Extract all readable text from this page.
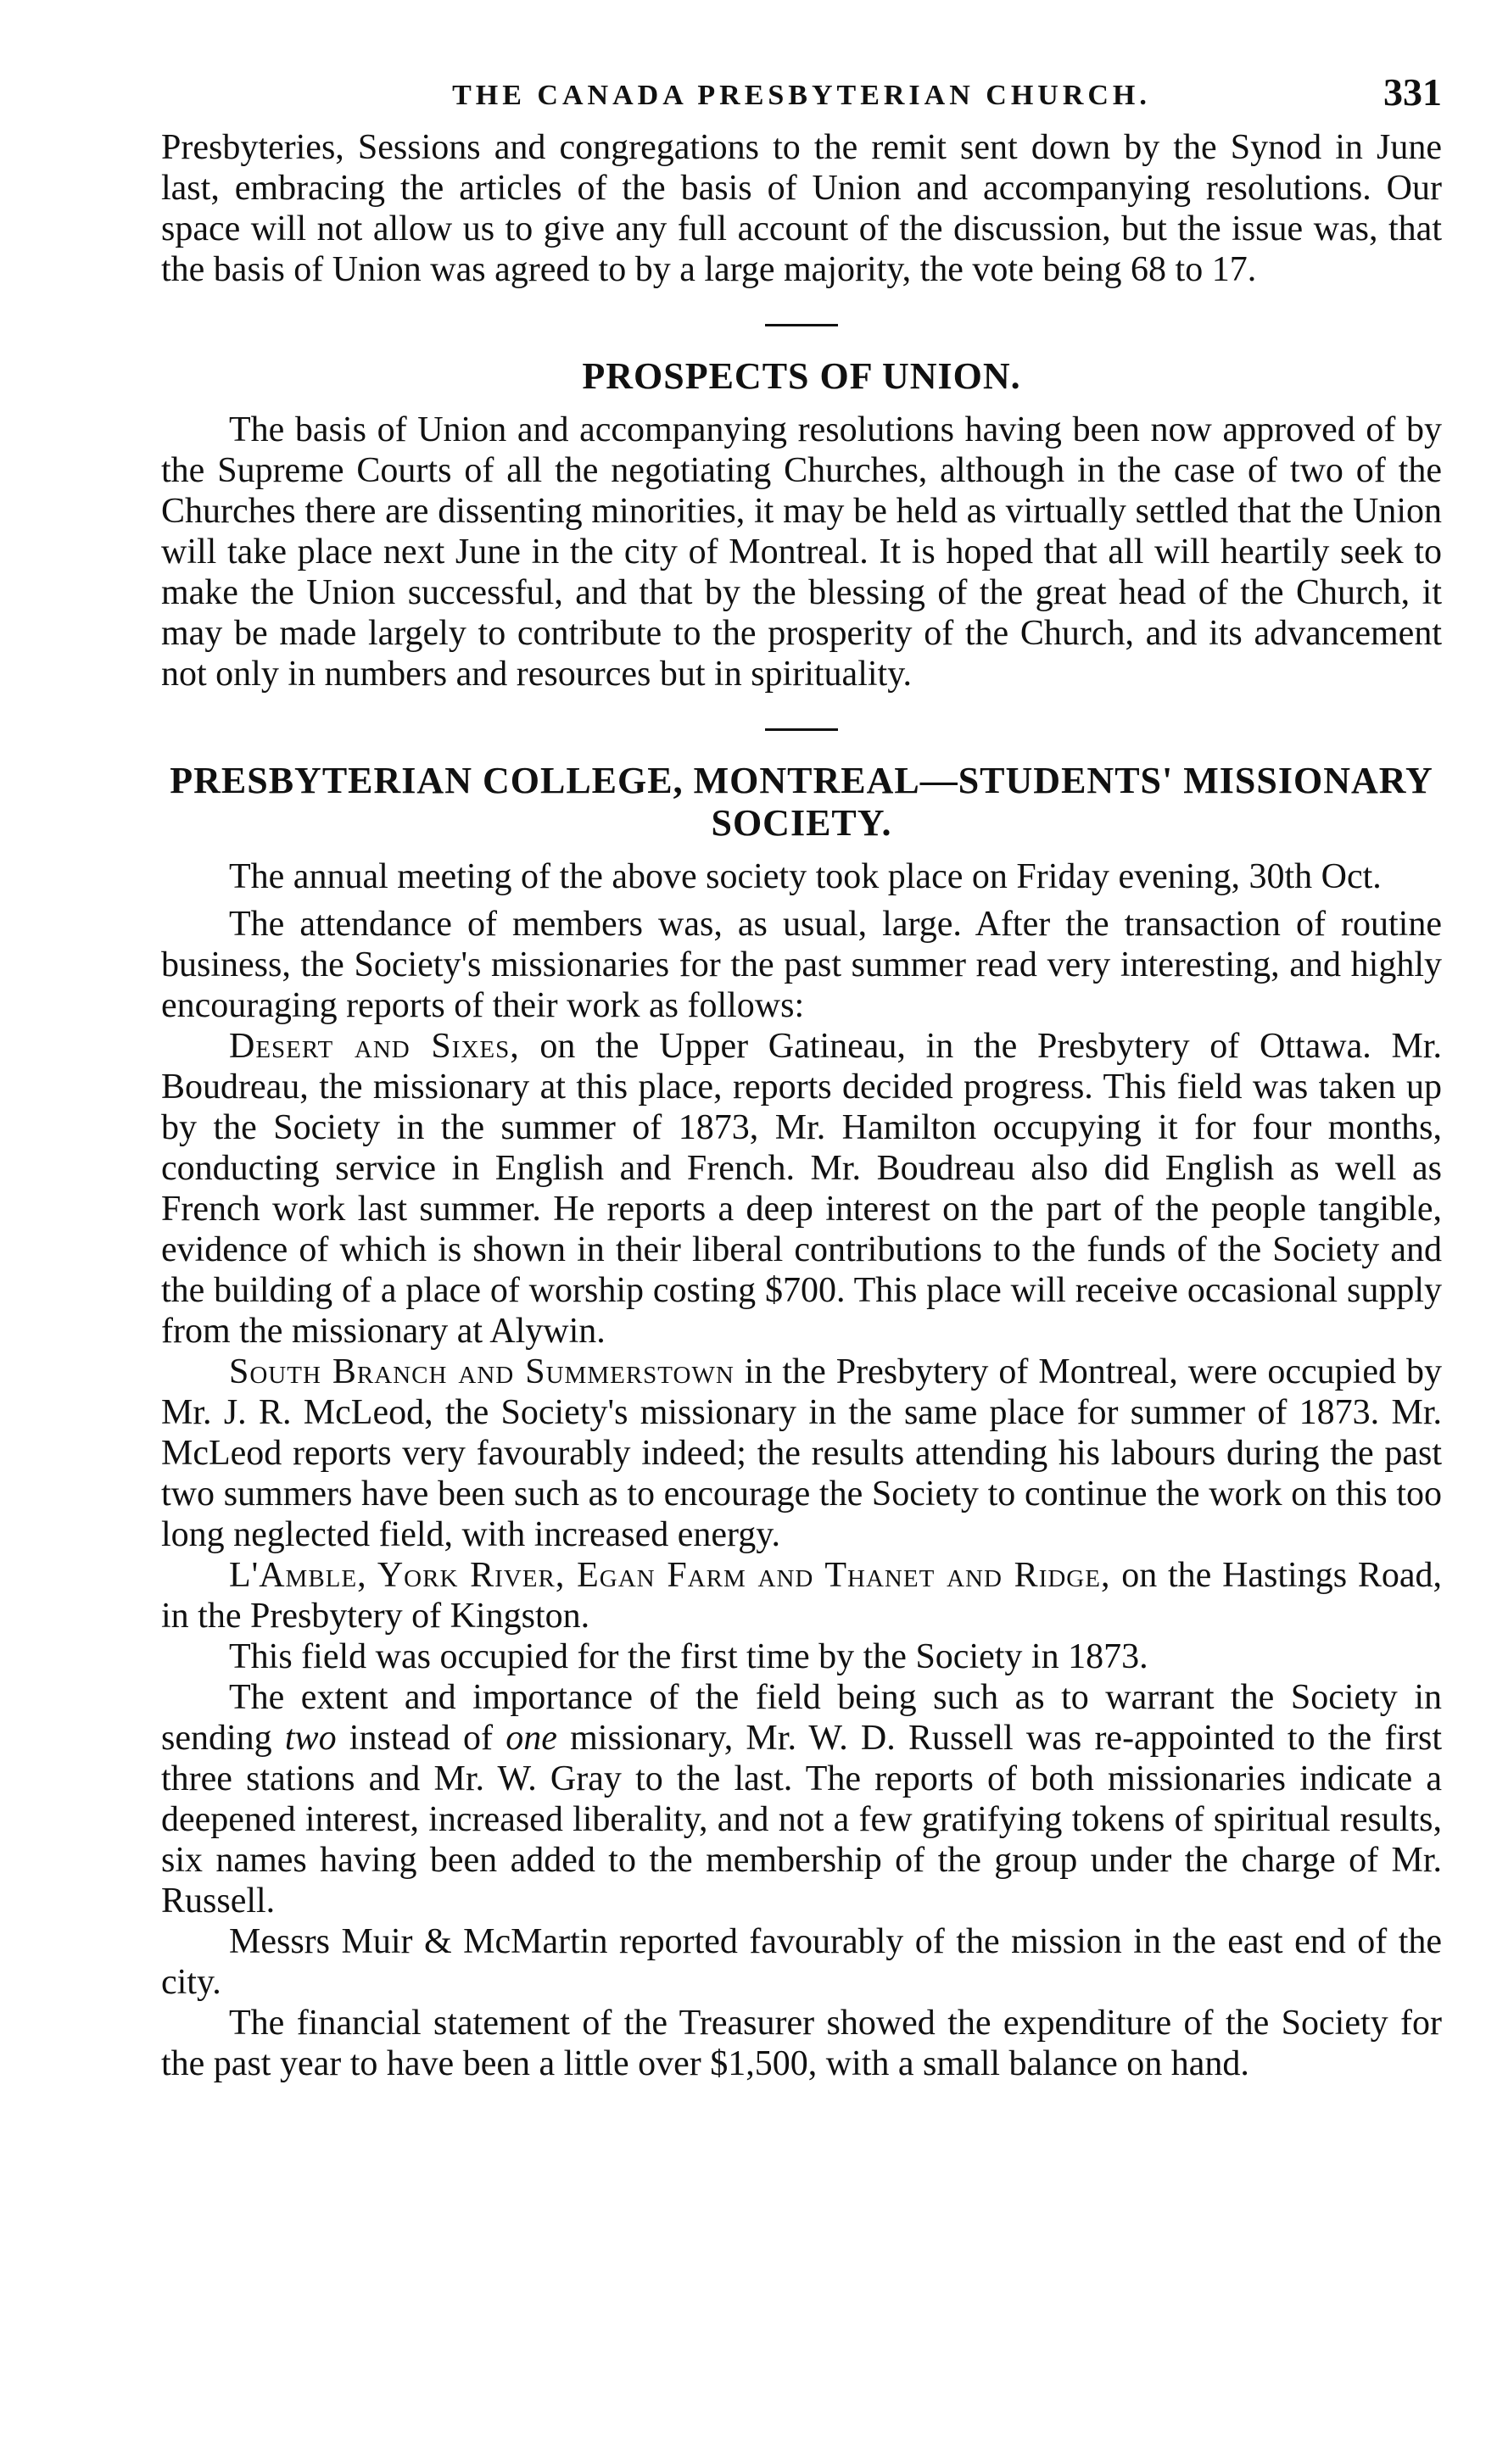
THE CANADA PRESBYTERIAN CHURCH.	331

Presbyteries, Sessions and congregations to the remit sent down by the Synod in June last, embracing the articles of the basis of Union and accompanying resolutions. Our space will not allow us to give any full account of the discussion, but the issue was, that the basis of Union was agreed to by a large majority, the vote being 68 to 17.

PROSPECTS OF UNION.

The basis of Union and accompanying resolutions having been now approved of by the Supreme Courts of all the negotiating Churches, although in the case of two of the Churches there are dissenting minorities, it may be held as virtually settled that the Union will take place next June in the city of Montreal. It is hoped that all will heartily seek to make the Union successful, and that by the blessing of the great head of the Church, it may be made largely to contribute to the prosperity of the Church, and its advancement not only in numbers and resources but in spirituality.

PRESBYTERIAN COLLEGE, MONTREAL—STUDENTS' MISSIONARY SOCIETY.

The annual meeting of the above society took place on Friday evening, 30th Oct.

The attendance of members was, as usual, large. After the transaction of routine business, the Society's missionaries for the past summer read very interesting, and highly encouraging reports of their work as follows:

Desert and Sixes, on the Upper Gatineau, in the Presbytery of Ottawa. Mr. Boudreau, the missionary at this place, reports decided progress. This field was taken up by the Society in the summer of 1873, Mr. Hamilton occupying it for four months, conducting service in English and French. Mr. Boudreau also did English as well as French work last summer. He reports a deep interest on the part of the people tangible, evidence of which is shown in their liberal contributions to the funds of the Society and the building of a place of worship costing $700. This place will receive occasional supply from the missionary at Alywin.

South Branch and Summerstown in the Presbytery of Montreal, were occupied by Mr. J. R. McLeod, the Society's missionary in the same place for summer of 1873. Mr. McLeod reports very favourably indeed; the results attending his labours during the past two summers have been such as to encourage the Society to continue the work on this too long neglected field, with increased energy.

L'Amble, York River, Egan Farm and Thanet and Ridge, on the Hastings Road, in the Presbytery of Kingston.

This field was occupied for the first time by the Society in 1873.

The extent and importance of the field being such as to warrant the Society in sending two instead of one missionary, Mr. W. D. Russell was re-appointed to the first three stations and Mr. W. Gray to the last. The reports of both missionaries indicate a deepened interest, increased liberality, and not a few gratifying tokens of spiritual results, six names having been added to the membership of the group under the charge of Mr. Russell.

Messrs Muir & McMartin reported favourably of the mission in the east end of the city.

The financial statement of the Treasurer showed the expenditure of the Society for the past year to have been a little over $1,500, with a small balance on hand.
